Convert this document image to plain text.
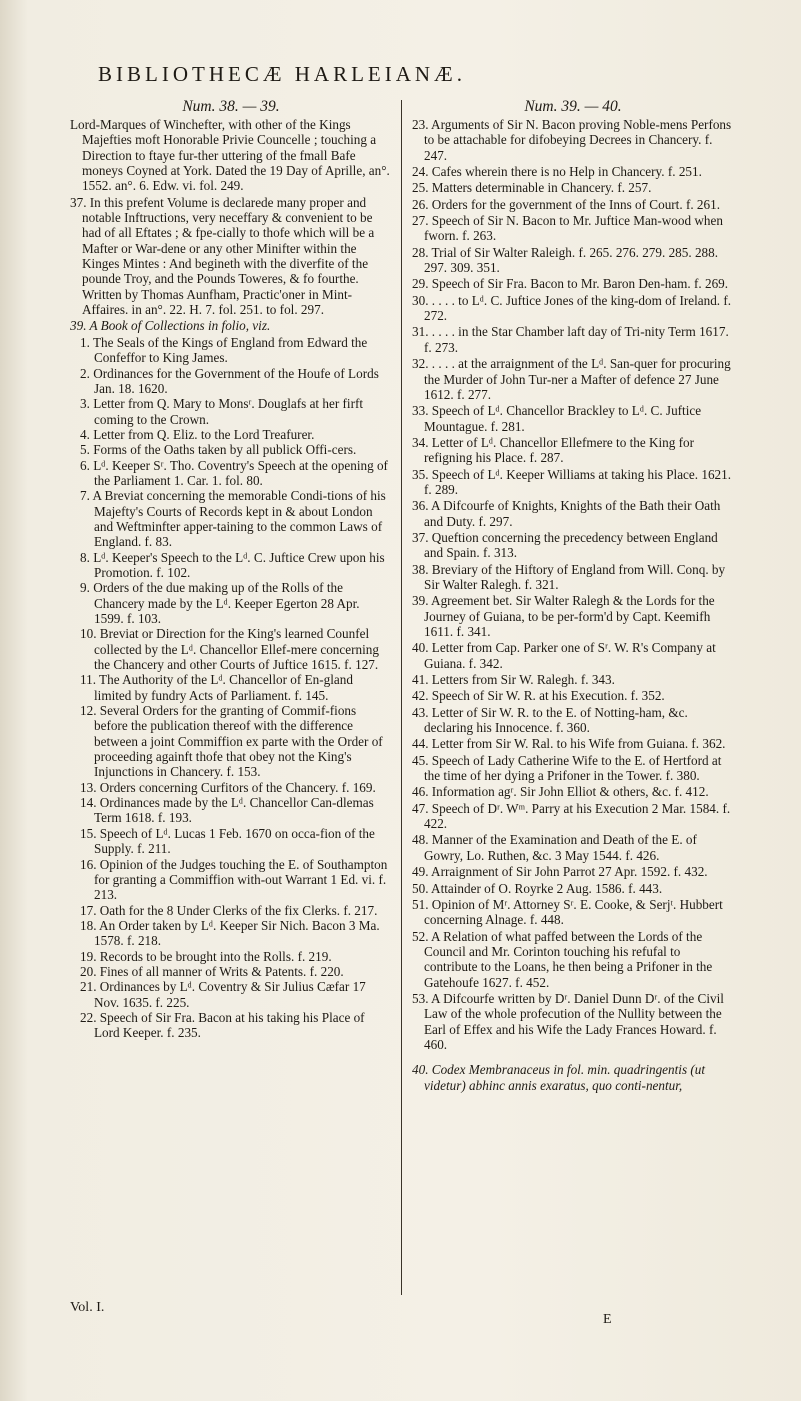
BIBLIOTHECÆ HARLEIANÆ.
Num. 38. — 39.

Lord-Marques of Winchefter, with other of the Kings Majefties moft Honorable Privie Councelle ; touching a Direction to ftaye fur-ther uttering of the fmall Bafe moneys Coyned at York. Dated the 19 Day of Aprille, an°. 1552. an°. 6. Edw. vi. fol. 249.

37. In this prefent Volume is declarede many proper and notable Inftructions, very neceffary & convenient to be had of all Eftates ; & fpe-cially to thofe which will be a Mafter or War-dene or any other Minifter within the Kinges Mintes : And begineth with the diverfite of the pounde Troy, and the Pounds Toweres, & fo fourthe. Written by Thomas Aunfham, Practic'oner in Mint-Affaires. in an°. 22. H. 7. fol. 251. to fol. 297.

39. A Book of Collections in folio, viz.

1. The Seals of the Kings of England from Edward the Confeffor to King James.

2. Ordinances for the Government of the Houfe of Lords Jan. 18. 1620.

3. Letter from Q. Mary to Monsʳ. Douglafs at her firft coming to the Crown.

4. Letter from Q. Eliz. to the Lord Treafurer.

5. Forms of the Oaths taken by all publick Offi-cers.

6. Lᵈ. Keeper Sʳ. Tho. Coventry's Speech at the opening of the Parliament 1. Car. 1. fol. 80.

7. A Breviat concerning the memorable Condi-tions of his Majefty's Courts of Records kept in & about London and Weftminfter apper-taining to the common Laws of England. f. 83.

8. Lᵈ. Keeper's Speech to the Lᵈ. C. Juftice Crew upon his Promotion. f. 102.

9. Orders of the due making up of the Rolls of the Chancery made by the Lᵈ. Keeper Egerton 28 Apr. 1599. f. 103.

10. Breviat or Direction for the King's learned Counfel collected by the Lᵈ. Chancellor Ellef-mere concerning the Chancery and other Courts of Juftice 1615. f. 127.

11. The Authority of the Lᵈ. Chancellor of En-gland limited by fundry Acts of Parliament. f. 145.

12. Several Orders for the granting of Commif-fions before the publication thereof with the difference between a joint Commiffion ex parte with the Order of proceeding againft thofe that obey not the King's Injunctions in Chancery. f. 153.

13. Orders concerning Curfitors of the Chancery. f. 169.

14. Ordinances made by the Lᵈ. Chancellor Can-dlemas Term 1618. f. 193.

15. Speech of Lᵈ. Lucas 1 Feb. 1670 on occa-fion of the Supply. f. 211.

16. Opinion of the Judges touching the E. of Southampton for granting a Commiffion with-out Warrant 1 Ed. vi. f. 213.

17. Oath for the 8 Under Clerks of the fix Clerks. f. 217.

18. An Order taken by Lᵈ. Keeper Sir Nich. Bacon 3 Ma. 1578. f. 218.

19. Records to be brought into the Rolls. f. 219.

20. Fines of all manner of Writs & Patents. f. 220.

21. Ordinances by Lᵈ. Coventry & Sir Julius Cæfar 17 Nov. 1635. f. 225.

22. Speech of Sir Fra. Bacon at his taking his Place of Lord Keeper. f. 235.

Num. 39. — 40.

23. Arguments of Sir N. Bacon proving Noble-mens Perfons to be attachable for difobeying Decrees in Chancery. f. 247.

24. Cafes wherein there is no Help in Chancery. f. 251.

25. Matters determinable in Chancery. f. 257.

26. Orders for the government of the Inns of Court. f. 261.

27. Speech of Sir N. Bacon to Mr. Juftice Man-wood when fworn. f. 263.

28. Trial of Sir Walter Raleigh. f. 265. 276. 279. 285. 288. 297. 309. 351.

29. Speech of Sir Fra. Bacon to Mr. Baron Den-ham. f. 269.

30. . . . . to Lᵈ. C. Juftice Jones of the king-dom of Ireland. f. 272.

31. . . . . in the Star Chamber laft day of Tri-nity Term 1617. f. 273.

32. . . . . at the arraignment of the Lᵈ. San-quer for procuring the Murder of John Tur-ner a Mafter of defence 27 June 1612. f. 277.

33. Speech of Lᵈ. Chancellor Brackley to Lᵈ. C. Juftice Mountague. f. 281.

34. Letter of Lᵈ. Chancellor Ellefmere to the King for refigning his Place. f. 287.

35. Speech of Lᵈ. Keeper Williams at taking his Place. 1621. f. 289.

36. A Difcourfe of Knights, Knights of the Bath their Oath and Duty. f. 297.

37. Queftion concerning the precedency between England and Spain. f. 313.

38. Breviary of the Hiftory of England from Will. Conq. by Sir Walter Ralegh. f. 321.

39. Agreement bet. Sir Walter Ralegh & the Lords for the Journey of Guiana, to be per-form'd by Capt. Keemifh 1611. f. 341.

40. Letter from Cap. Parker one of Sʳ. W. R's Company at Guiana. f. 342.

41. Letters from Sir W. Ralegh. f. 343.

42. Speech of Sir W. R. at his Execution. f. 352.

43. Letter of Sir W. R. to the E. of Notting-ham, &c. declaring his Innocence. f. 360.

44. Letter from Sir W. Ral. to his Wife from Guiana. f. 362.

45. Speech of Lady Catherine Wife to the E. of Hertford at the time of her dying a Prifoner in the Tower. f. 380.

46. Information agʳ. Sir John Elliot & others, &c. f. 412.

47. Speech of Dʳ. Wᵐ. Parry at his Execution 2 Mar. 1584. f. 422.

48. Manner of the Examination and Death of the E. of Gowry, Lo. Ruthen, &c. 3 May 1544. f. 426.

49. Arraignment of Sir John Parrot 27 Apr. 1592. f. 432.

50. Attainder of O. Royrke 2 Aug. 1586. f. 443.

51. Opinion of Mʳ. Attorney Sʳ. E. Cooke, & Serjᵗ. Hubbert concerning Alnage. f. 448.

52. A Relation of what paffed between the Lords of the Council and Mr. Corinton touching his refufal to contribute to the Loans, he then being a Prifoner in the Gatehoufe 1627. f. 452.

53. A Difcourfe written by Dʳ. Daniel Dunn Dʳ. of the Civil Law of the whole profecution of the Nullity between the Earl of Effex and his Wife the Lady Frances Howard. f. 460.

40. Codex Membranaceus in fol. min. quadringentis (ut videtur) abhinc annis exaratus, quo conti-nentur,

Vol. I.
E
